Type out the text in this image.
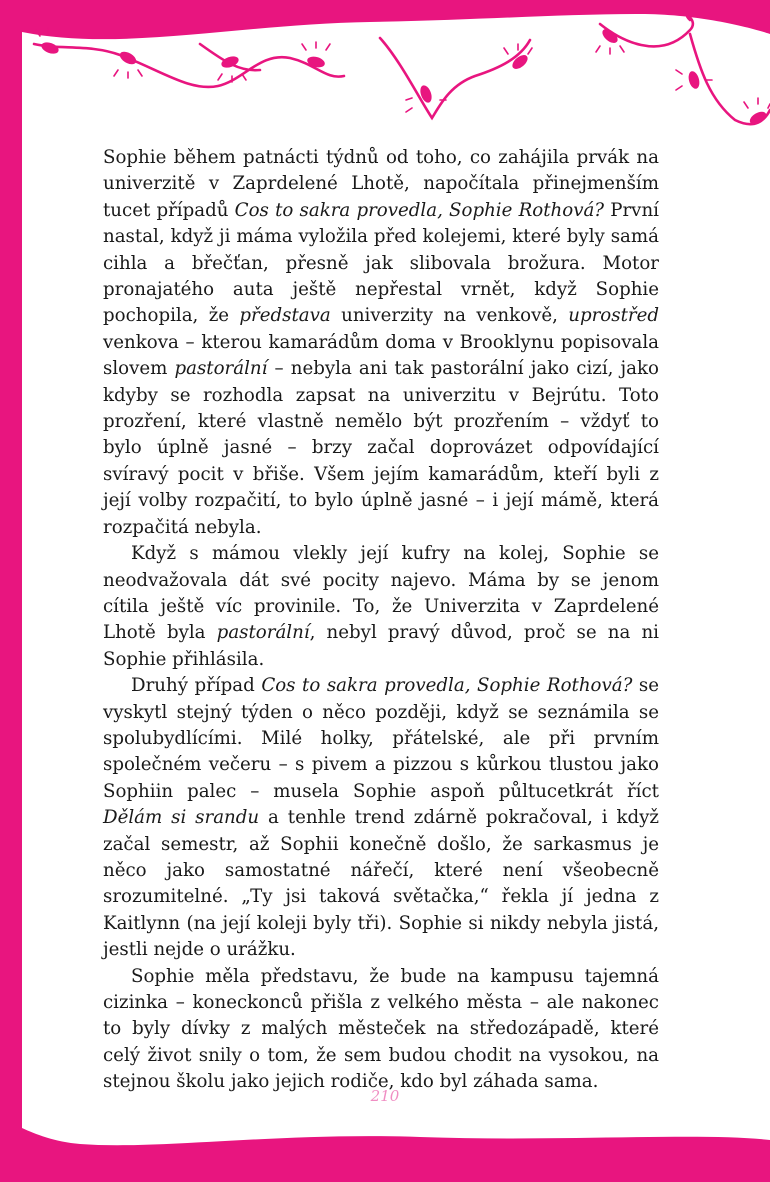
Sophie během patnácti týdnů od toho, co zahájila prvák na univerzitě v Zaprdelené Lhotě, napočítala přinejmenším tucet případů Cos to sakra provedla, Sophie Rothová? První nastal, když ji máma vyložila před kolejemi, které byly samá cihla a břečťan, přesně jak slibovala brožura. Motor pronajatého auta ještě nepřestal vrnět, když Sophie pochopila, že představa univerzity na venkově, uprostřed venkova – kterou kamarádům doma v Brooklynu popisovala slovem pastorální – nebyla ani tak pastorální jako cizí, jako kdyby se rozhodla zapsat na univerzitu v Bejrútu. Toto prozření, které vlastně nemělo být prozřením – vždyť to bylo úplně jasné – brzy začal doprovázet odpovídající svíravý pocit v břiše. Všem jejím kamarádům, kteří byli z její volby rozpačití, to bylo úplně jasné – i její mámě, která rozpačitá nebyla.

Když s mámou vlekly její kufry na kolej, Sophie se neodvažovala dát své pocity najevo. Máma by se jenom cítila ještě víc provinile. To, že Univerzita v Zaprdelené Lhotě byla pastorální, nebyl pravý důvod, proč se na ni Sophie přihlásila.

Druhý případ Cos to sakra provedla, Sophie Rothová? se vyskytl stejný týden o něco později, když se seznámila se spolubydlícími. Milé holky, přátelské, ale při prvním společném večeru – s pivem a pizzou s kůrkou tlustou jako Sophiin palec – musela Sophie aspoň půltucetkrát říct Dělám si srandu a tenhle trend zdárně pokračoval, i když začal semestr, až Sophii konečně došlo, že sarkasmus je něco jako samostatné nářečí, které není všeobecně srozumitelné. „Ty jsi taková světačka,“ řekla jí jedna z Kaitlynn (na její koleji byly tři). Sophie si nikdy nebyla jistá, jestli nejde o urážku.

Sophie měla představu, že bude na kampusu tajemná cizinka – koneckonců přišla z velkého města – ale nakonec to byly dívky z malých městeček na středozápadě, které celý život snily o tom, že sem budou chodit na vysokou, na stejnou školu jako jejich rodiče, kdo byl záhada sama.

210
